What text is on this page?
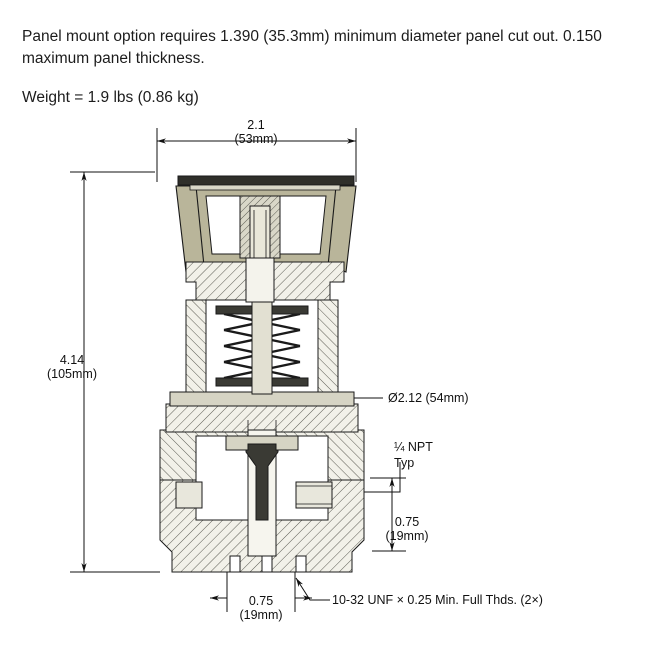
Panel mount option requires 1.390 (35.3mm) minimum diameter panel cut out. 0.150 maximum panel thickness.
Weight = 1.9 lbs (0.86 kg)
2.1
(53mm)
4.14
(105mm)
0.75
(19mm)
0.75
(19mm)
Ø2.12 (54mm)
¼ NPT
Typ
10-32 UNF × 0.25 Min. Full Thds. (2×)
